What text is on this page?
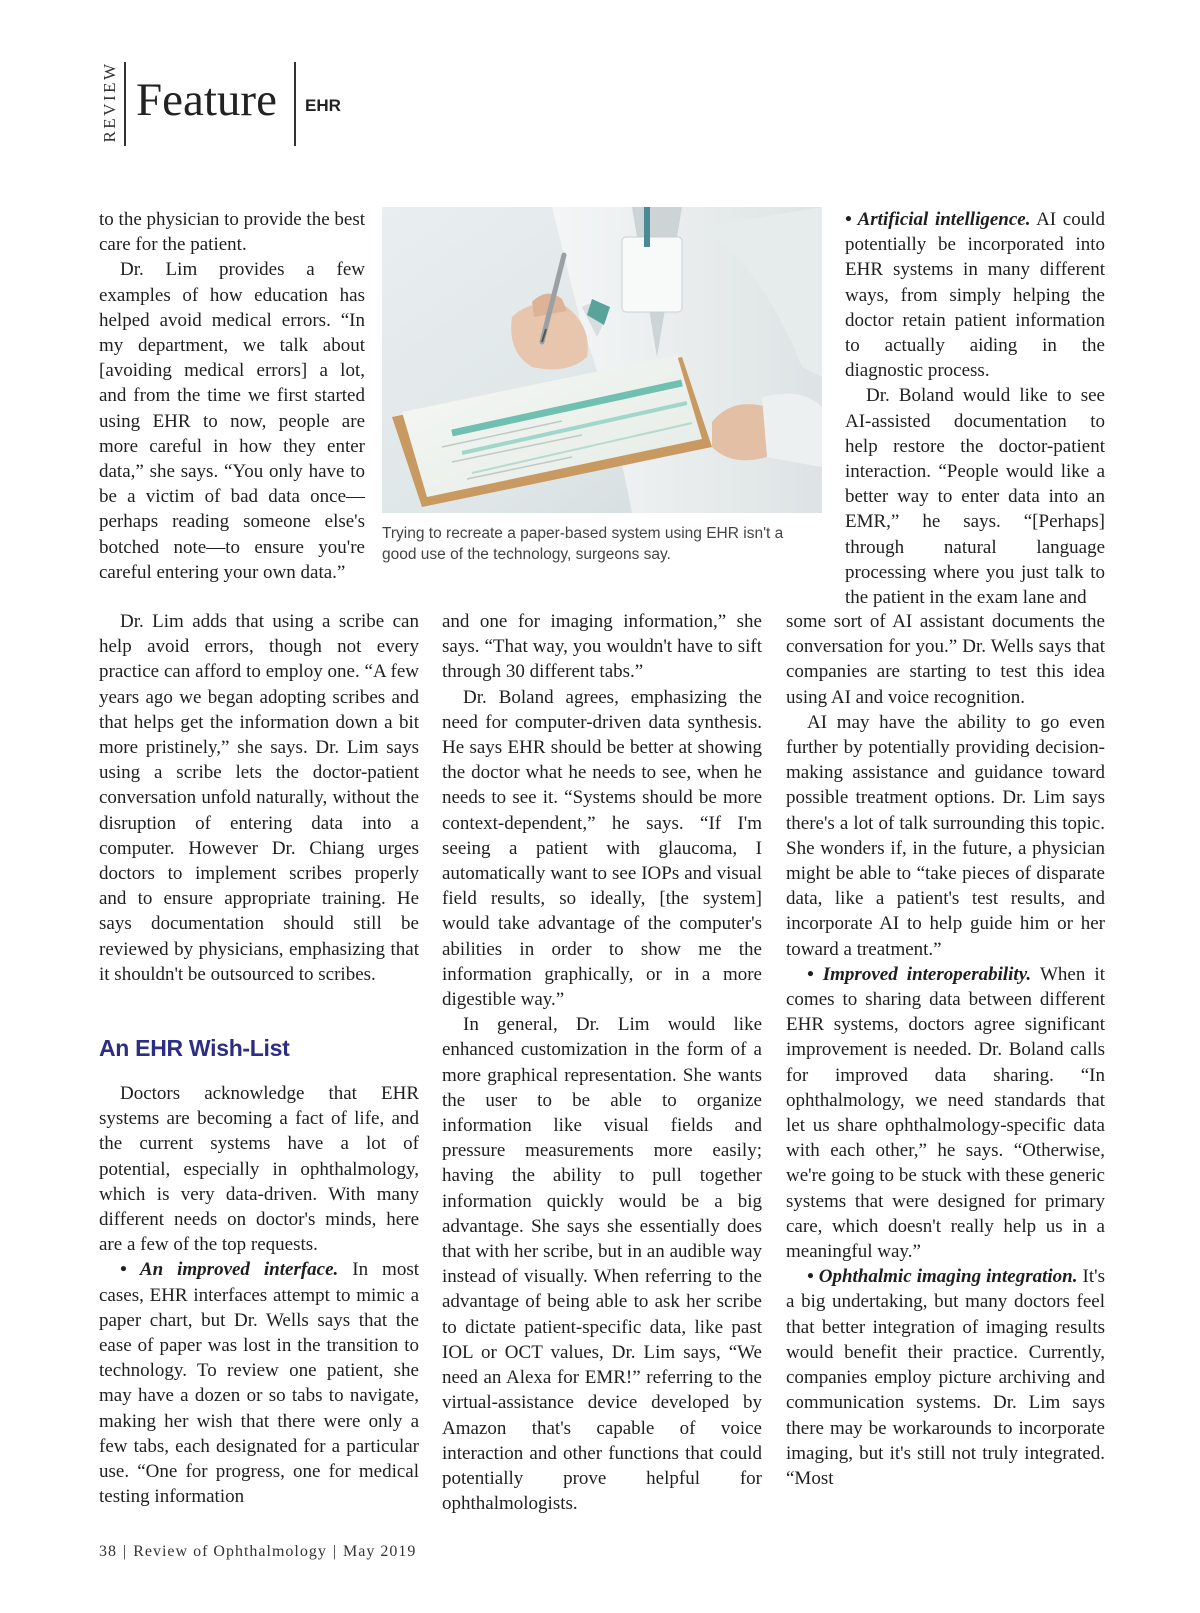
REVIEW Feature EHR

to the physician to provide the best care for the patient.

Dr. Lim provides a few examples of how education has helped avoid medical errors. “In my department, we talk about [avoiding medical errors] a lot, and from the time we first started using EHR to now, people are more careful in how they enter data,” she says. “You only have to be a victim of bad data once—perhaps reading someone else's botched note—to ensure you're careful entering your own data.”

Trying to recreate a paper-based system using EHR isn't a good use of the technology, surgeons say.

• Artificial intelligence. AI could potentially be incorporated into EHR systems in many different ways, from simply helping the doctor retain patient information to actually aiding in the diagnostic process.

Dr. Boland would like to see AI-assisted documentation to help restore the doctor-patient interaction. “People would like a better way to enter data into an EMR,” he says. “[Perhaps] through natural language processing where you just talk to the patient in the exam lane and

Dr. Lim adds that using a scribe can help avoid errors, though not every practice can afford to employ one. “A few years ago we began adopting scribes and that helps get the information down a bit more pristinely,” she says. Dr. Lim says using a scribe lets the doctor-patient conversation unfold naturally, without the disruption of entering data into a computer. However Dr. Chiang urges doctors to implement scribes properly and to ensure appropriate training. He says documentation should still be reviewed by physicians, emphasizing that it shouldn't be outsourced to scribes.

An EHR Wish-List

Doctors acknowledge that EHR systems are becoming a fact of life, and the current systems have a lot of potential, especially in ophthalmology, which is very data-driven. With many different needs on doctor's minds, here are a few of the top requests.

• An improved interface. In most cases, EHR interfaces attempt to mimic a paper chart, but Dr. Wells says that the ease of paper was lost in the transition to technology. To review one patient, she may have a dozen or so tabs to navigate, making her wish that there were only a few tabs, each designated for a particular use. “One for progress, one for medical testing information

and one for imaging information,” she says. “That way, you wouldn't have to sift through 30 different tabs.”

Dr. Boland agrees, emphasizing the need for computer-driven data synthesis. He says EHR should be better at showing the doctor what he needs to see, when he needs to see it. “Systems should be more context-dependent,” he says. “If I'm seeing a patient with glaucoma, I automatically want to see IOPs and visual field results, so ideally, [the system] would take advantage of the computer's abilities in order to show me the information graphically, or in a more digestible way.”

In general, Dr. Lim would like enhanced customization in the form of a more graphical representation. She wants the user to be able to organize information like visual fields and pressure measurements more easily; having the ability to pull together information quickly would be a big advantage. She says she essentially does that with her scribe, but in an audible way instead of visually. When referring to the advantage of being able to ask her scribe to dictate patient-specific data, like past IOL or OCT values, Dr. Lim says, “We need an Alexa for EMR!” referring to the virtual-assistance device developed by Amazon that's capable of voice interaction and other functions that could potentially prove helpful for ophthalmologists.

some sort of AI assistant documents the conversation for you.” Dr. Wells says that companies are starting to test this idea using AI and voice recognition.

AI may have the ability to go even further by potentially providing decision-making assistance and guidance toward possible treatment options. Dr. Lim says there's a lot of talk surrounding this topic. She wonders if, in the future, a physician might be able to “take pieces of disparate data, like a patient's test results, and incorporate AI to help guide him or her toward a treatment.”

• Improved interoperability. When it comes to sharing data between different EHR systems, doctors agree significant improvement is needed. Dr. Boland calls for improved data sharing. “In ophthalmology, we need standards that let us share ophthalmology-specific data with each other,” he says. “Otherwise, we're going to be stuck with these generic systems that were designed for primary care, which doesn't really help us in a meaningful way.”

• Ophthalmic imaging integration. It's a big undertaking, but many doctors feel that better integration of imaging results would benefit their practice. Currently, companies employ picture archiving and communication systems. Dr. Lim says there may be workarounds to incorporate imaging, but it's still not truly integrated. “Most

38 | Review of Ophthalmology | May 2019
